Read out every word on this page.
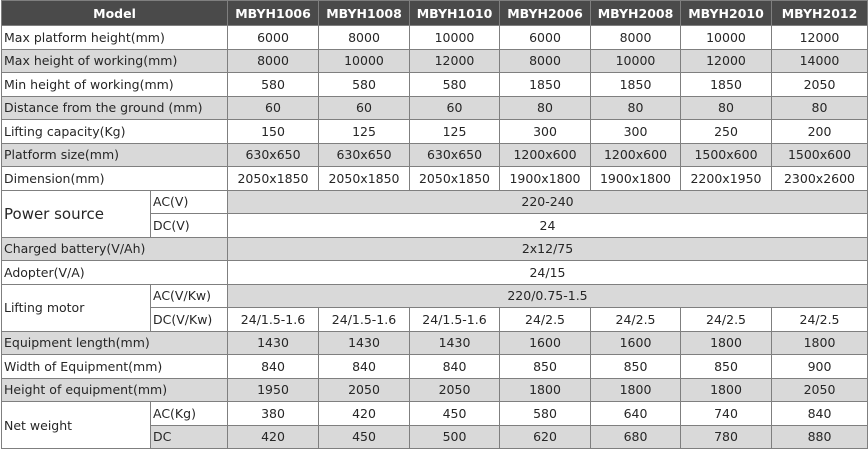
Model		MBYH1006	MBYH1008	MBYH1010	MBYH2006	MBYH2008	MBYH2010	MBYH2012
Max platform height(mm)		6000	8000	10000	6000	8000	10000	12000
Max height of working(mm)		8000	10000	12000	8000	10000	12000	14000
Min height of working(mm)		580	580	580	1850	1850	1850	2050
Distance from the ground (mm)		60	60	60	80	80	80	80
Lifting capacity(Kg)		150	125	125	300	300	250	200
Platform size(mm)		630x650	630x650	630x650	1200x600	1200x600	1500x600	1500x600
Dimension(mm)		2050x1850	2050x1850	2050x1850	1900x1800	1900x1800	2200x1950	2300x2600
Power source	AC(V)	220-240						
	DC(V)	24						
Charged battery(V/Ah)		2x12/75						
Adopter(V/A)		24/15						
Lifting motor	AC(V/Kw)	220/0.75-1.5						
	DC(V/Kw)	24/1.5-1.6	24/1.5-1.6	24/1.5-1.6	24/2.5	24/2.5	24/2.5	24/2.5
Equipment length(mm)		1430	1430	1430	1600	1600	1800	1800
Width of Equipment(mm)		840	840	840	850	850	850	900
Height of equipment(mm)		1950	2050	2050	1800	1800	1800	2050
Net weight	AC(Kg)	380	420	450	580	640	740	840
	DC	420	450	500	620	680	780	880
